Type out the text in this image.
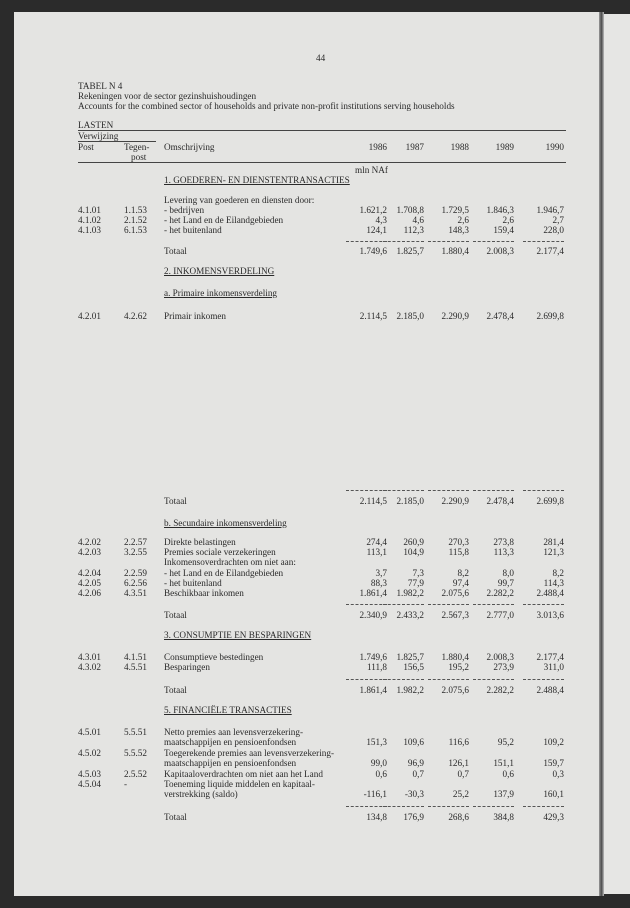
44
TABEL N 4
Rekeningen voor de sector gezinshuishoudingen
Accounts for the combined sector of households and private non-profit institutions serving households
LASTEN
Verwijzing
Post	Tegen-
post
Omschrijving	1986	1987	1988	1989	1990
mln NAf
1. GOEDEREN- EN DIENSTENTRANSACTIES
Levering van goederen en diensten door:
4.1.01	1.1.53 - bedrijven	1.621,2	1.708,8	1.729,5	1.846,3	1.946,7
4.1.02	2.1.52 - het Land en de Eilandgebieden	4,3	4,6	2,6	2,6	2,7
4.1.03	6.1.53 - het buitenland	124,1	112,3	148,3	159,4	228,0
Totaal	1.749,6	1.825,7	1.880,4	2.008,3	2.177,4
2. INKOMENSVERDELING
a. Primaire inkomensverdeling
4.2.01	4.2.62 Primair inkomen	2.114,5	2.185,0	2.290,9	2.478,4	2.699,8
Totaal	2.114,5	2.185,0	2.290,9	2.478,4	2.699,8
b. Secundaire inkomensverdeling
4.2.02	2.2.57 Direkte belastingen	274,4	260,9	270,3	273,8	281,4
4.2.03	3.2.55 Premies sociale verzekeringen	113,1	104,9	115,8	113,3	121,3
Inkomensoverdrachten om niet aan:
4.2.04	2.2.59 - het Land en de Eilandgebieden	3,7	7,3	8,2	8,0	8,2
4.2.05	6.2.56 - het buitenland	88,3	77,9	97,4	99,7	114,3
4.2.06	4.3.51 Beschikbaar inkomen	1.861,4	1.982,2	2.075,6	2.282,2	2.488,4
Totaal	2.340,9	2.433,2	2.567,3	2.777,0	3.013,6
3. CONSUMPTIE EN BESPARINGEN
4.3.01	4.1.51 Consumptieve bestedingen	1.749,6	1.825,7	1.880,4	2.008,3	2.177,4
4.3.02	4.5.51 Besparingen	111,8	156,5	195,2	273,9	311,0
Totaal	1.861,4	1.982,2	2.075,6	2.282,2	2.488,4
5. FINANCIËLE TRANSACTIES
4.5.01	5.5.51 Netto premies aan levensverzekering-
maatschappijen en pensioenfondsen	151,3	109,6	116,6	95,2	109,2
4.5.02	5.5.52 Toegerekende premies aan levensverzekering-
maatschappijen en pensioenfondsen	99,0	96,9	126,1	151,1	159,7
4.5.03	2.5.52 Kapitaaloverdrachten om niet aan het Land	0,6	0,7	0,7	0,6	0,3
4.5.04	-	Toeneming liquide middelen en kapitaal-
verstrekking (saldo)	-116,1	-30,3	25,2	137,9	160,1
Totaal	134,8	176,9	268,6	384,8	429,3
